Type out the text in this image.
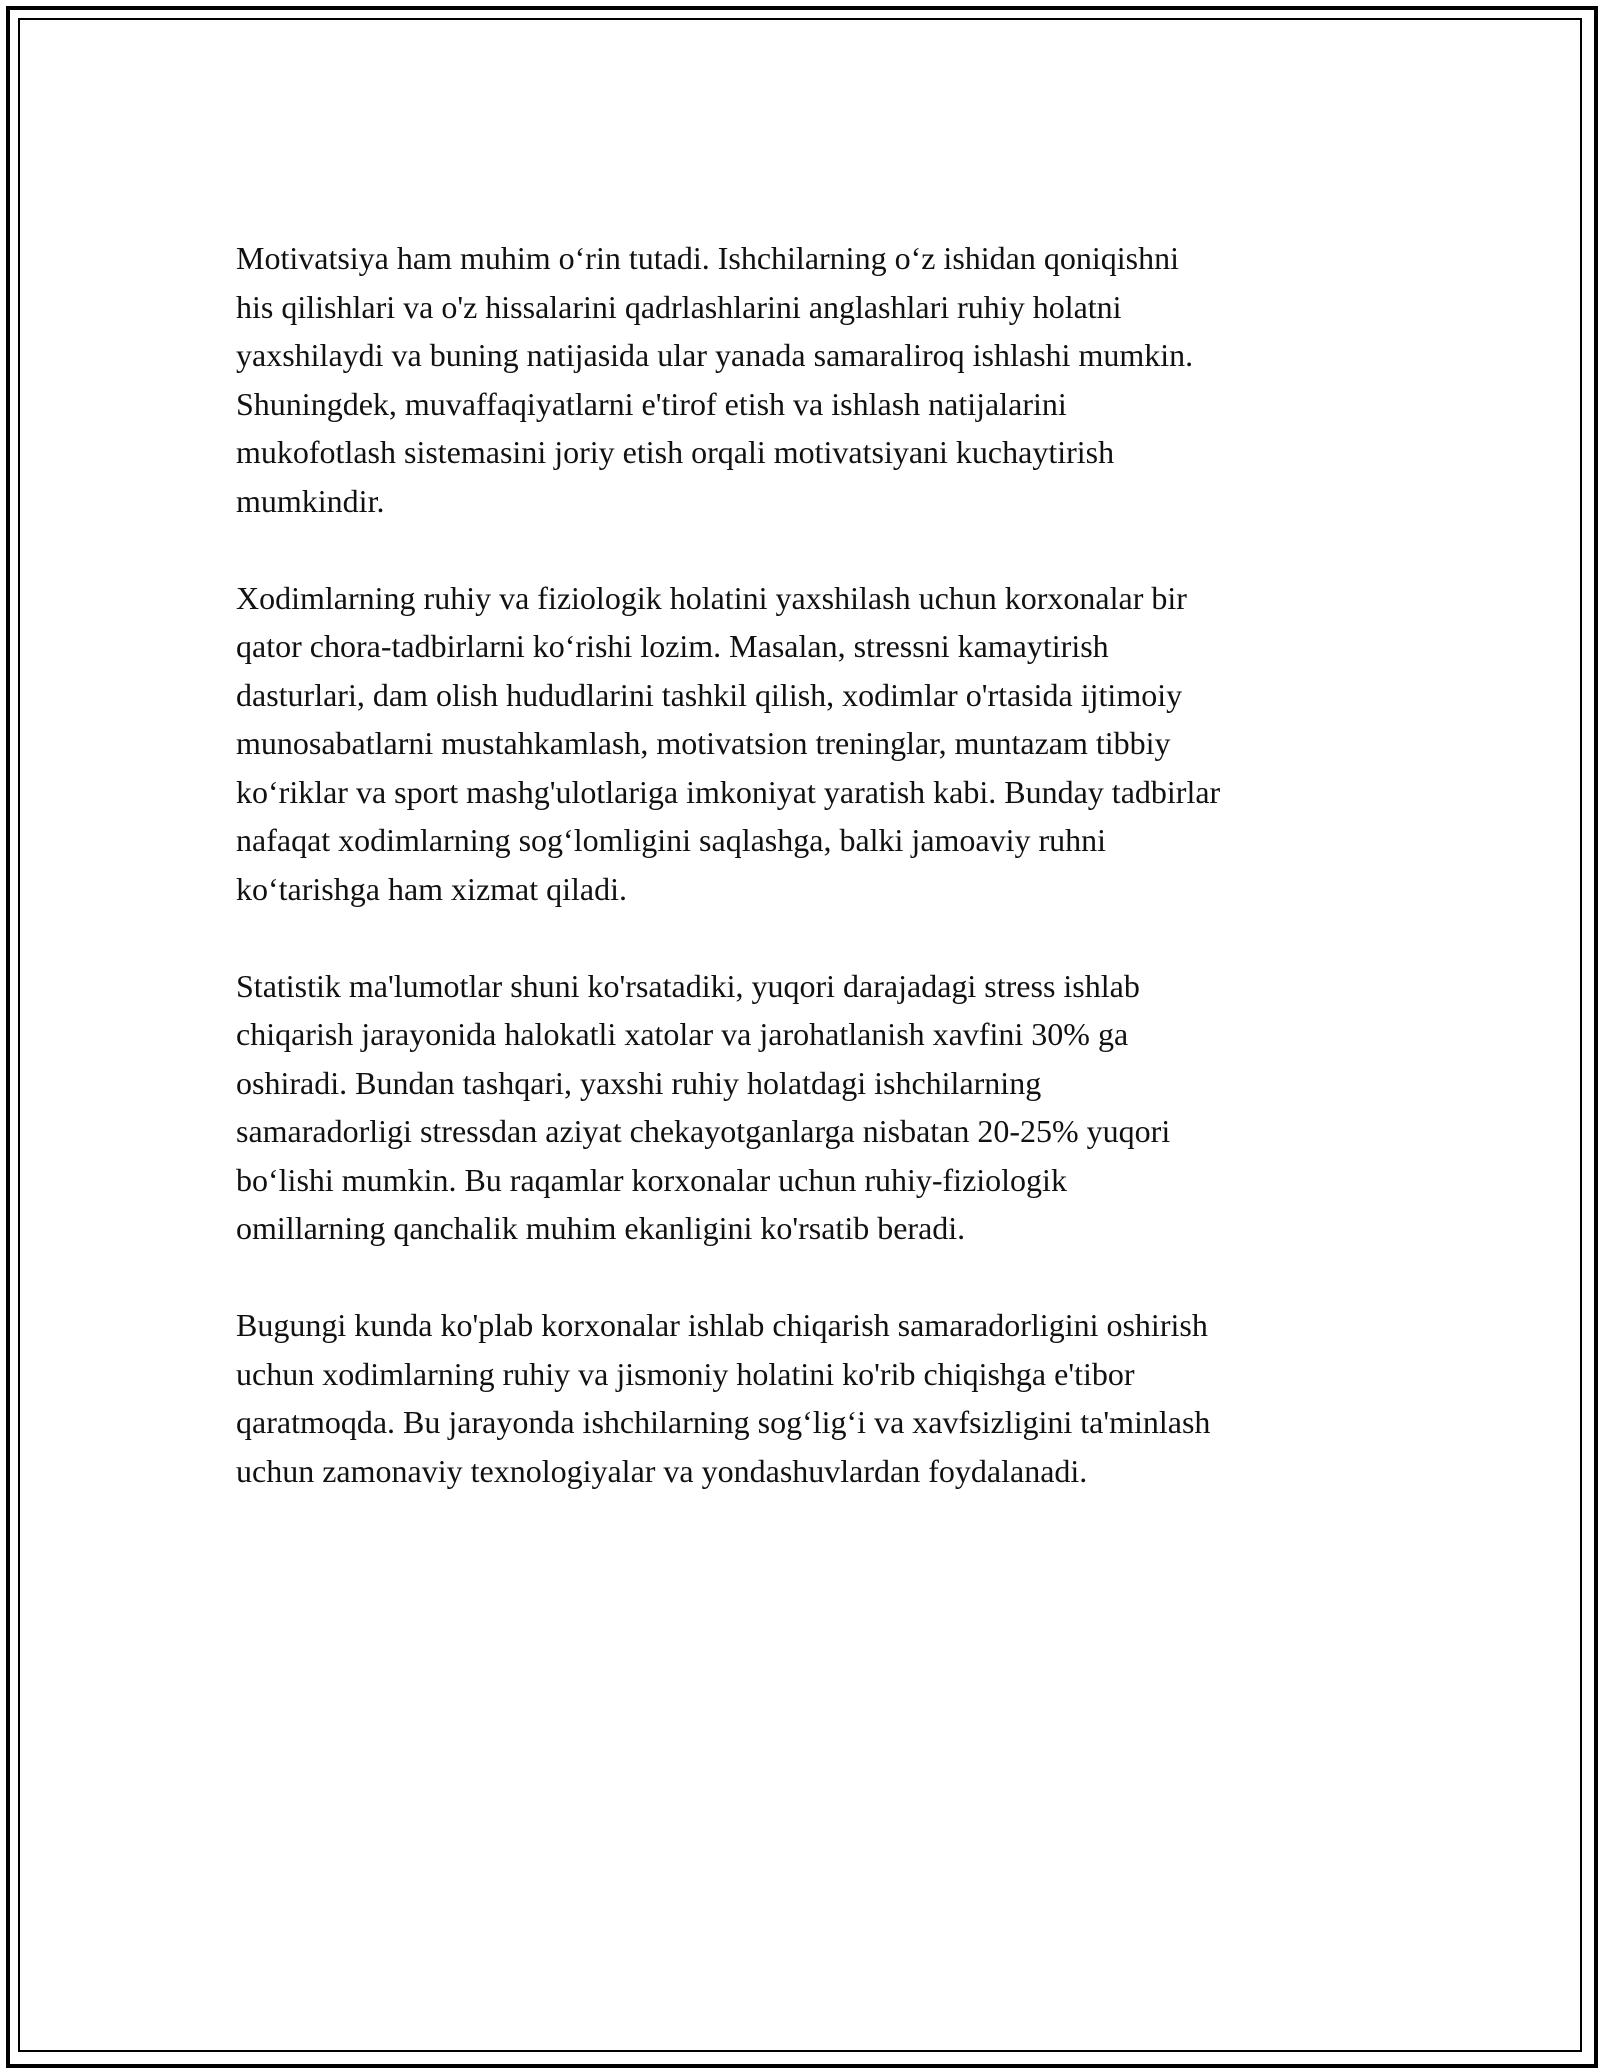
Motivatsiya ham muhim o‘rin tutadi. Ishchilarning o‘z ishidan qoniqishni
his qilishlari va o'z hissalarini qadrlashlarini anglashlari ruhiy holatni
yaxshilaydi va buning natijasida ular yanada samaraliroq ishlashi mumkin.
Shuningdek, muvaffaqiyatlarni e'tirof etish va ishlash natijalarini
mukofotlash sistemasini joriy etish orqali motivatsiyani kuchaytirish
mumkindir.

Xodimlarning ruhiy va fiziologik holatini yaxshilash uchun korxonalar bir
qator chora-tadbirlarni ko‘rishi lozim. Masalan, stressni kamaytirish
dasturlari, dam olish hududlarini tashkil qilish, xodimlar o'rtasida ijtimoiy
munosabatlarni mustahkamlash, motivatsion treninglar, muntazam tibbiy
ko‘riklar va sport mashg'ulotlariga imkoniyat yaratish kabi. Bunday tadbirlar
nafaqat xodimlarning sog‘lomligini saqlashga, balki jamoaviy ruhni
ko‘tarishga ham xizmat qiladi.

Statistik ma'lumotlar shuni ko'rsatadiki, yuqori darajadagi stress ishlab
chiqarish jarayonida halokatli xatolar va jarohatlanish xavfini 30% ga
oshiradi. Bundan tashqari, yaxshi ruhiy holatdagi ishchilarning
samaradorligi stressdan aziyat chekayotganlarga nisbatan 20-25% yuqori
bo‘lishi mumkin. Bu raqamlar korxonalar uchun ruhiy-fiziologik
omillarning qanchalik muhim ekanligini ko'rsatib beradi.

Bugungi kunda ko'plab korxonalar ishlab chiqarish samaradorligini oshirish
uchun xodimlarning ruhiy va jismoniy holatini ko'rib chiqishga e'tibor
qaratmoqda. Bu jarayonda ishchilarning sog‘lig‘i va xavfsizligini ta'minlash
uchun zamonaviy texnologiyalar va yondashuvlardan foydalanadi.
